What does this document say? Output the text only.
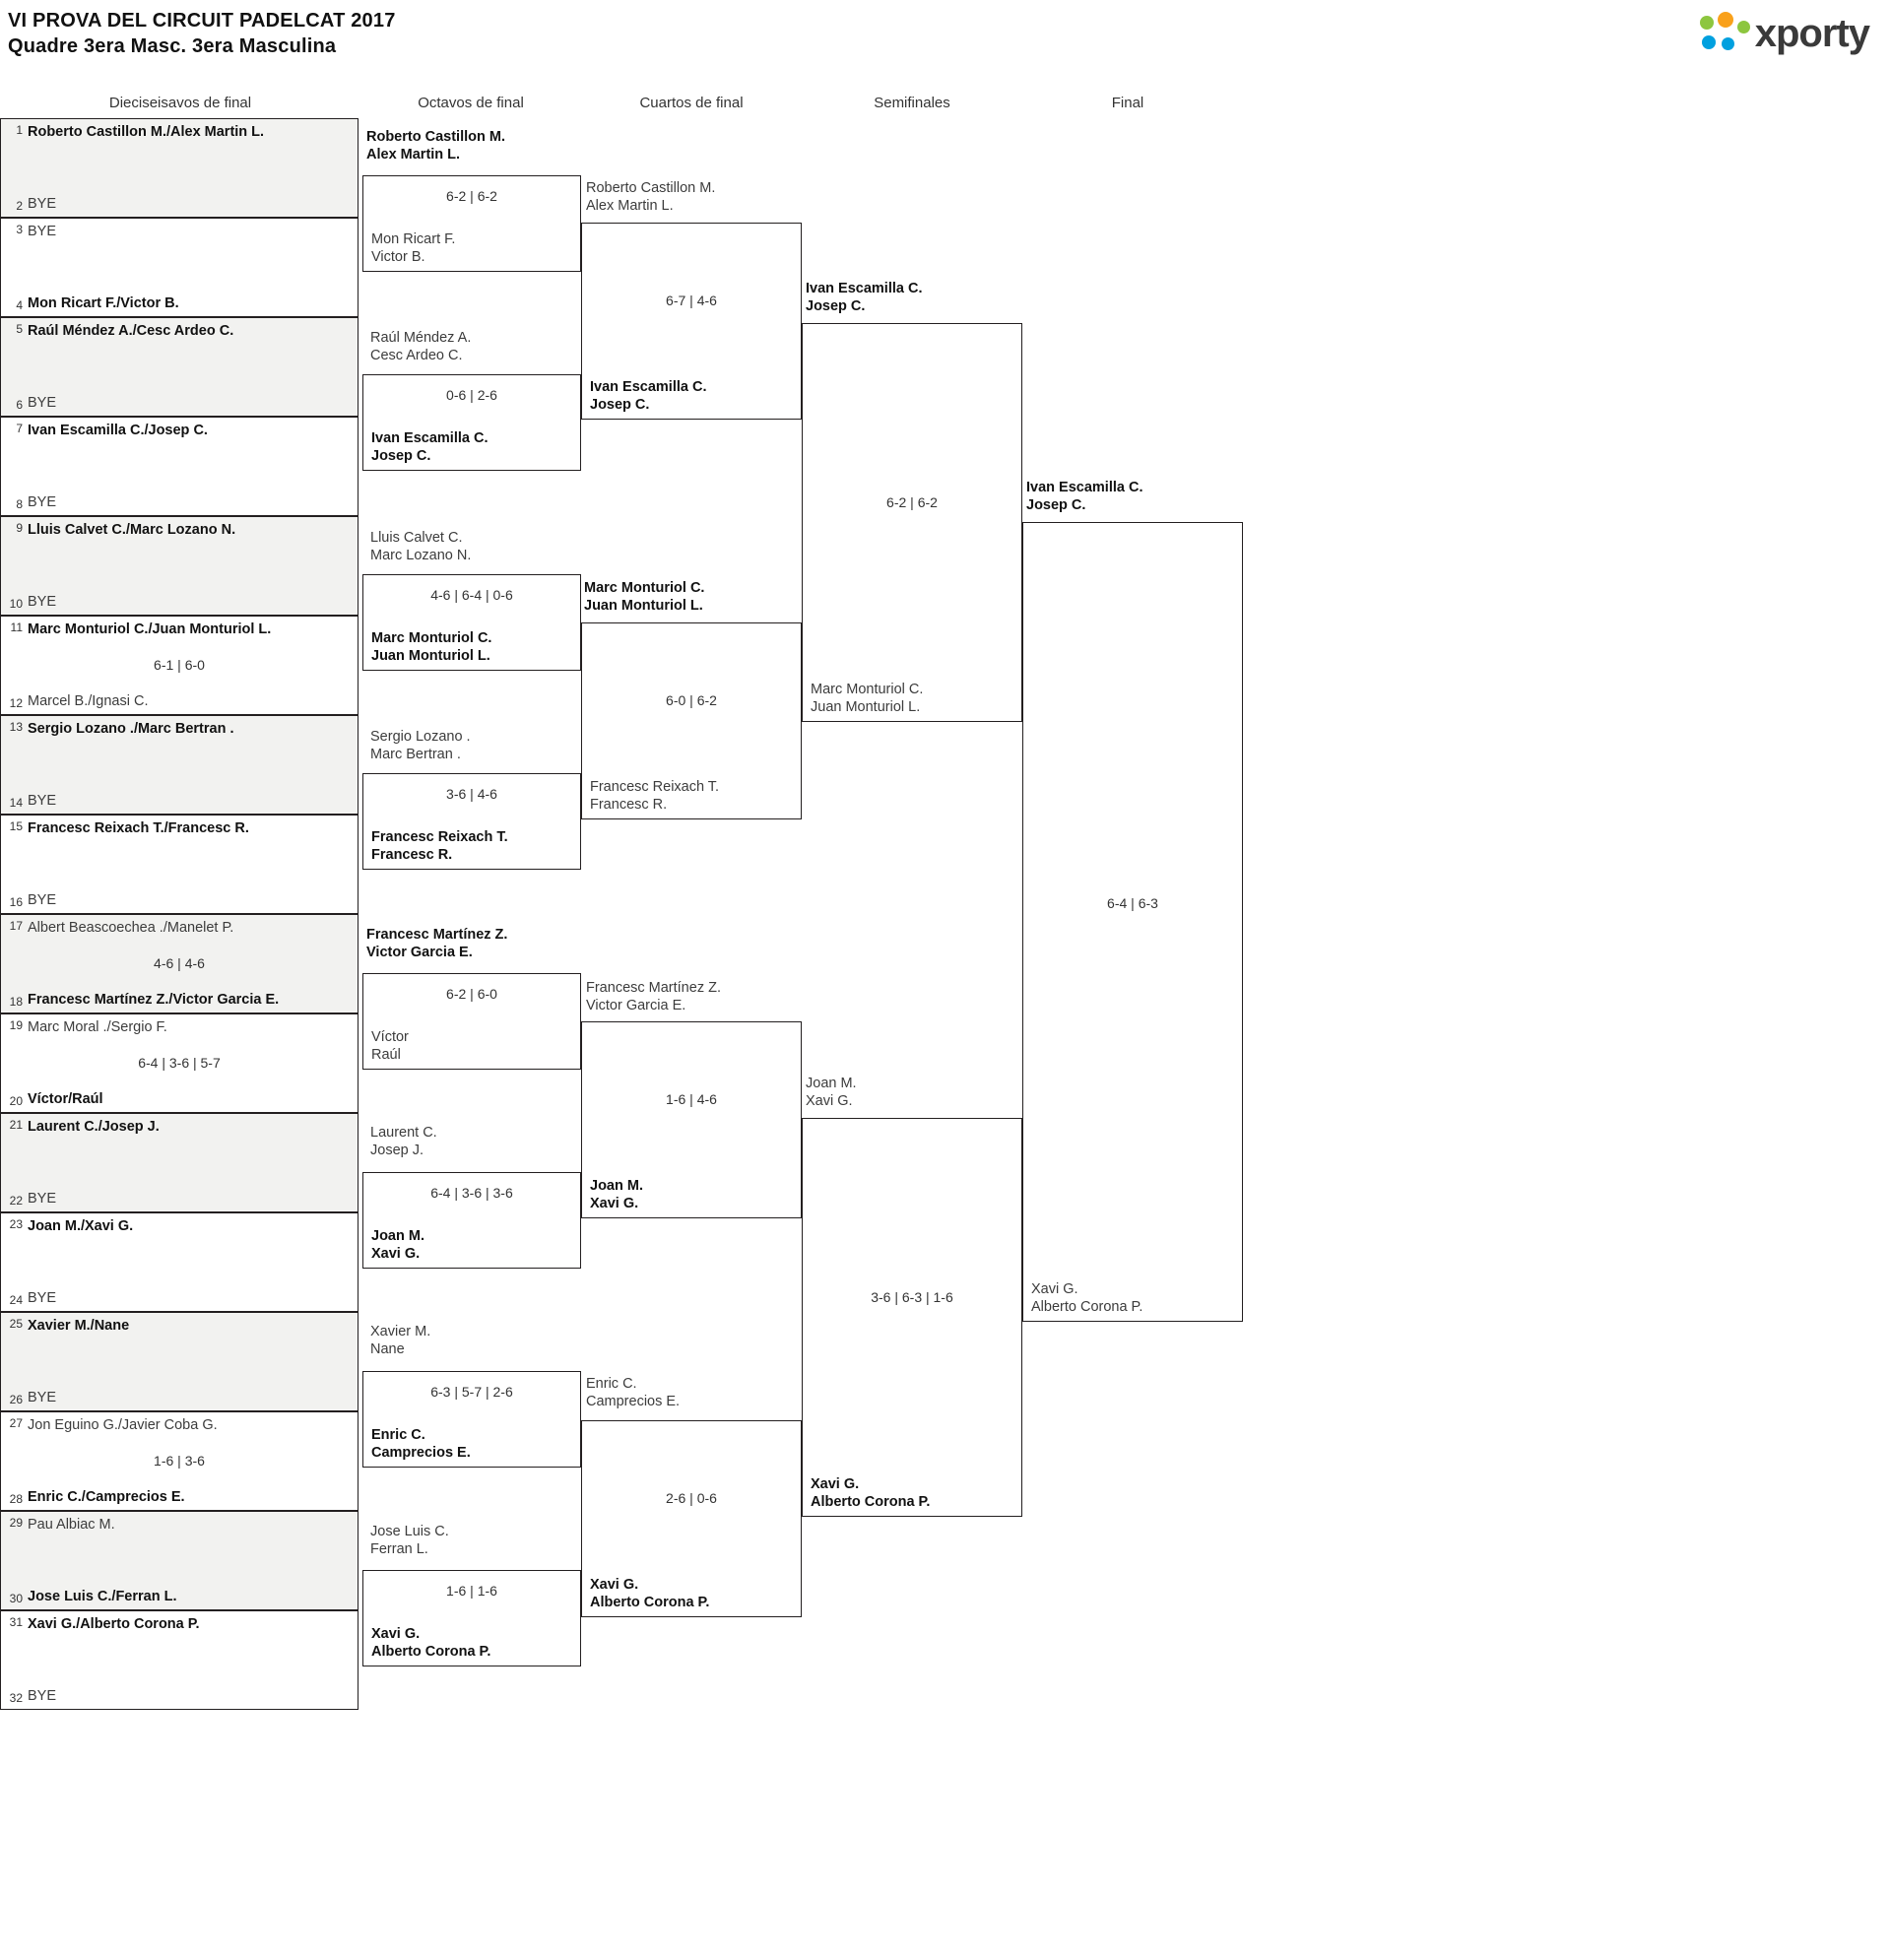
VI PROVA DEL CIRCUIT PADELCAT 2017
Quadre 3era Masc. 3era Masculina	xporty
Dieciseisavos de final	Octavos de final	Cuartos de final	Semifinales	Final
1 Roberto Castillon M./Alex Martin L.
2 BYE
3 BYE
4 Mon Ricart F./Victor B.
5 Raúl Méndez A./Cesc Ardeo C.
6 BYE
7 Ivan Escamilla C./Josep C.
8 BYE
9 Lluis Calvet C./Marc Lozano N.
10 BYE
11 Marc Monturiol C./Juan Monturiol L.
12 Marcel B./Ignasi C.
6-1 | 6-0
13 Sergio Lozano ./Marc Bertran .
14 BYE
15 Francesc Reixach T./Francesc R.
16 BYE
17 Albert Beascoechea ./Manelet P.
18 Francesc Martínez Z./Victor Garcia E.
4-6 | 4-6
19 Marc Moral ./Sergio F.
20 Víctor/Raúl
6-4 | 3-6 | 5-7
21 Laurent C./Josep J.
22 BYE
23 Joan M./Xavi G.
24 BYE
25 Xavier M./Nane
26 BYE
27 Jon Eguino G./Javier Coba G.
28 Enric C./Camprecios E.
1-6 | 3-6
29 Pau Albiac M.
30 Jose Luis C./Ferran L.
31 Xavi G./Alberto Corona P.
32 BYE
Roberto Castillon M.
Alex Martin L.
6-2 | 6-2
Mon Ricart F.
Victor B.
Raúl Méndez A.
Cesc Ardeo C.
0-6 | 2-6
Ivan Escamilla C.
Josep C.
Lluis Calvet C.
Marc Lozano N.
4-6 | 6-4 | 0-6
Marc Monturiol C.
Juan Monturiol L.
Sergio Lozano .
Marc Bertran .
3-6 | 4-6
Francesc Reixach T.
Francesc R.
Francesc Martínez Z.
Victor Garcia E.
6-2 | 6-0
Víctor
Raúl
Laurent C.
Josep J.
6-4 | 3-6 | 3-6
Joan M.
Xavi G.
Xavier M.
Nane
6-3 | 5-7 | 2-6
Enric C.
Camprecios E.
Jose Luis C.
Ferran L.
1-6 | 1-6
Xavi G.
Alberto Corona P.
Roberto Castillon M.
Alex Martin L.
6-7 | 4-6
Ivan Escamilla C.
Josep C.
Marc Monturiol C.
Juan Monturiol L.
6-0 | 6-2
Francesc Reixach T.
Francesc R.
Francesc Martínez Z.
Victor Garcia E.
1-6 | 4-6
Joan M.
Xavi G.
Enric C.
Camprecios E.
2-6 | 0-6
Xavi G.
Alberto Corona P.
Ivan Escamilla C.
Josep C.
6-2 | 6-2
Marc Monturiol C.
Juan Monturiol L.
Joan M.
Xavi G.
3-6 | 6-3 | 1-6
Xavi G.
Alberto Corona P.
Ivan Escamilla C.
Josep C.
6-4 | 6-3
Xavi G.
Alberto Corona P.
